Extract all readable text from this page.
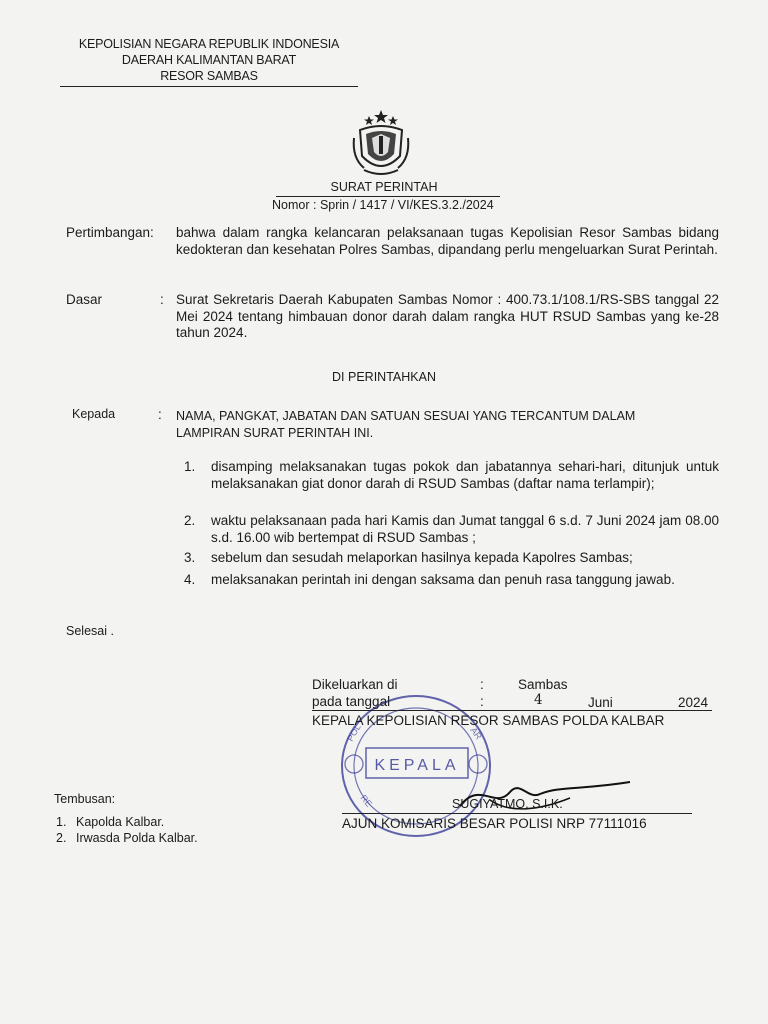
KEPOLISIAN NEGARA REPUBLIK INDONESIA
DAERAH KALIMANTAN BARAT
RESOR SAMBAS
SURAT PERINTAH
Nomor : Sprin / 1417 / VI/KES.3.2./2024
Pertimbangan: bahwa dalam rangka kelancaran pelaksanaan tugas Kepolisian Resor Sambas bidang kedokteran dan kesehatan Polres Sambas, dipandang perlu mengeluarkan Surat Perintah.
Dasar	: Surat Sekretaris Daerah Kabupaten Sambas Nomor : 400.73.1/108.1/RS-SBS tanggal 22 Mei 2024 tentang himbauan donor darah dalam rangka HUT RSUD Sambas yang ke-28 tahun 2024.
DI PERINTAHKAN
Kepada	: NAMA, PANGKAT, JABATAN DAN SATUAN SESUAI YANG TERCANTUM DALAM LAMPIRAN SURAT PERINTAH INI.
1. disamping melaksanakan tugas pokok dan jabatannya sehari-hari, ditunjuk untuk melaksanakan giat donor darah di RSUD Sambas (daftar nama terlampir);
2. waktu pelaksanaan pada hari Kamis dan Jumat tanggal 6 s.d. 7 Juni 2024 jam 08.00 s.d. 16.00 wib bertempat di RSUD Sambas ;
3. sebelum dan sesudah melaporkan hasilnya kepada Kapolres Sambas;
4. melaksanakan perintah ini dengan saksama dan penuh rasa tanggung jawab.
Selesai .
KEPALA
POL	AR
RE
Dikeluarkan di	:	Sambas
pada tanggal	:	4	Juni	2024
KEPALA KEPOLISIAN RESOR SAMBAS POLDA KALBAR
SUGIYATMO, S.I.K.
AJUN KOMISARIS BESAR POLISI NRP 77111016
Tembusan:
1. Kapolda Kalbar.
2. Irwasda Polda Kalbar.
